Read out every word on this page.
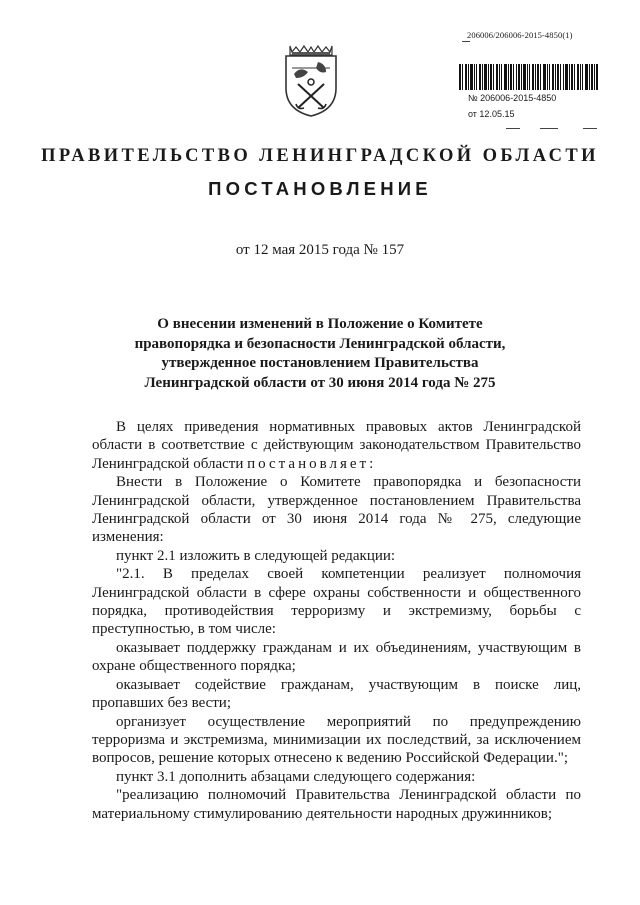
206006/206006-2015-4850(1)
№ 206006-2015-4850
от 12.05.15
ПРАВИТЕЛЬСТВО ЛЕНИНГРАДСКОЙ ОБЛАСТИ
ПОСТАНОВЛЕНИЕ
от 12 мая 2015 года № 157
О внесении изменений в Положение о Комитете
правопорядка и безопасности Ленинградской области,
утвержденное постановлением Правительства
Ленинградской области от 30 июня 2014 года № 275

В целях приведения нормативных правовых актов Ленинградской области в соответствие с действующим законодательством Правительство Ленинградской области постановляет:

Внести в Положение о Комитете правопорядка и безопасности Ленинградской области, утвержденное постановлением Правительства Ленинградской области от 30 июня 2014 года № 275, следующие изменения:

пункт 2.1 изложить в следующей редакции:

"2.1. В пределах своей компетенции реализует полномочия Ленинградской области в сфере охраны собственности и общественного порядка, противодействия терроризму и экстремизму, борьбы с преступностью, в том числе:

оказывает поддержку гражданам и их объединениям, участвующим в охране общественного порядка;

оказывает содействие гражданам, участвующим в поиске лиц, пропавших без вести;

организует осуществление мероприятий по предупреждению терроризма и экстремизма, минимизации их последствий, за исключением вопросов, решение которых отнесено к ведению Российской Федерации.";

пункт 3.1 дополнить абзацами следующего содержания:

"реализацию полномочий Правительства Ленинградской области по материальному стимулированию деятельности народных дружинников;
